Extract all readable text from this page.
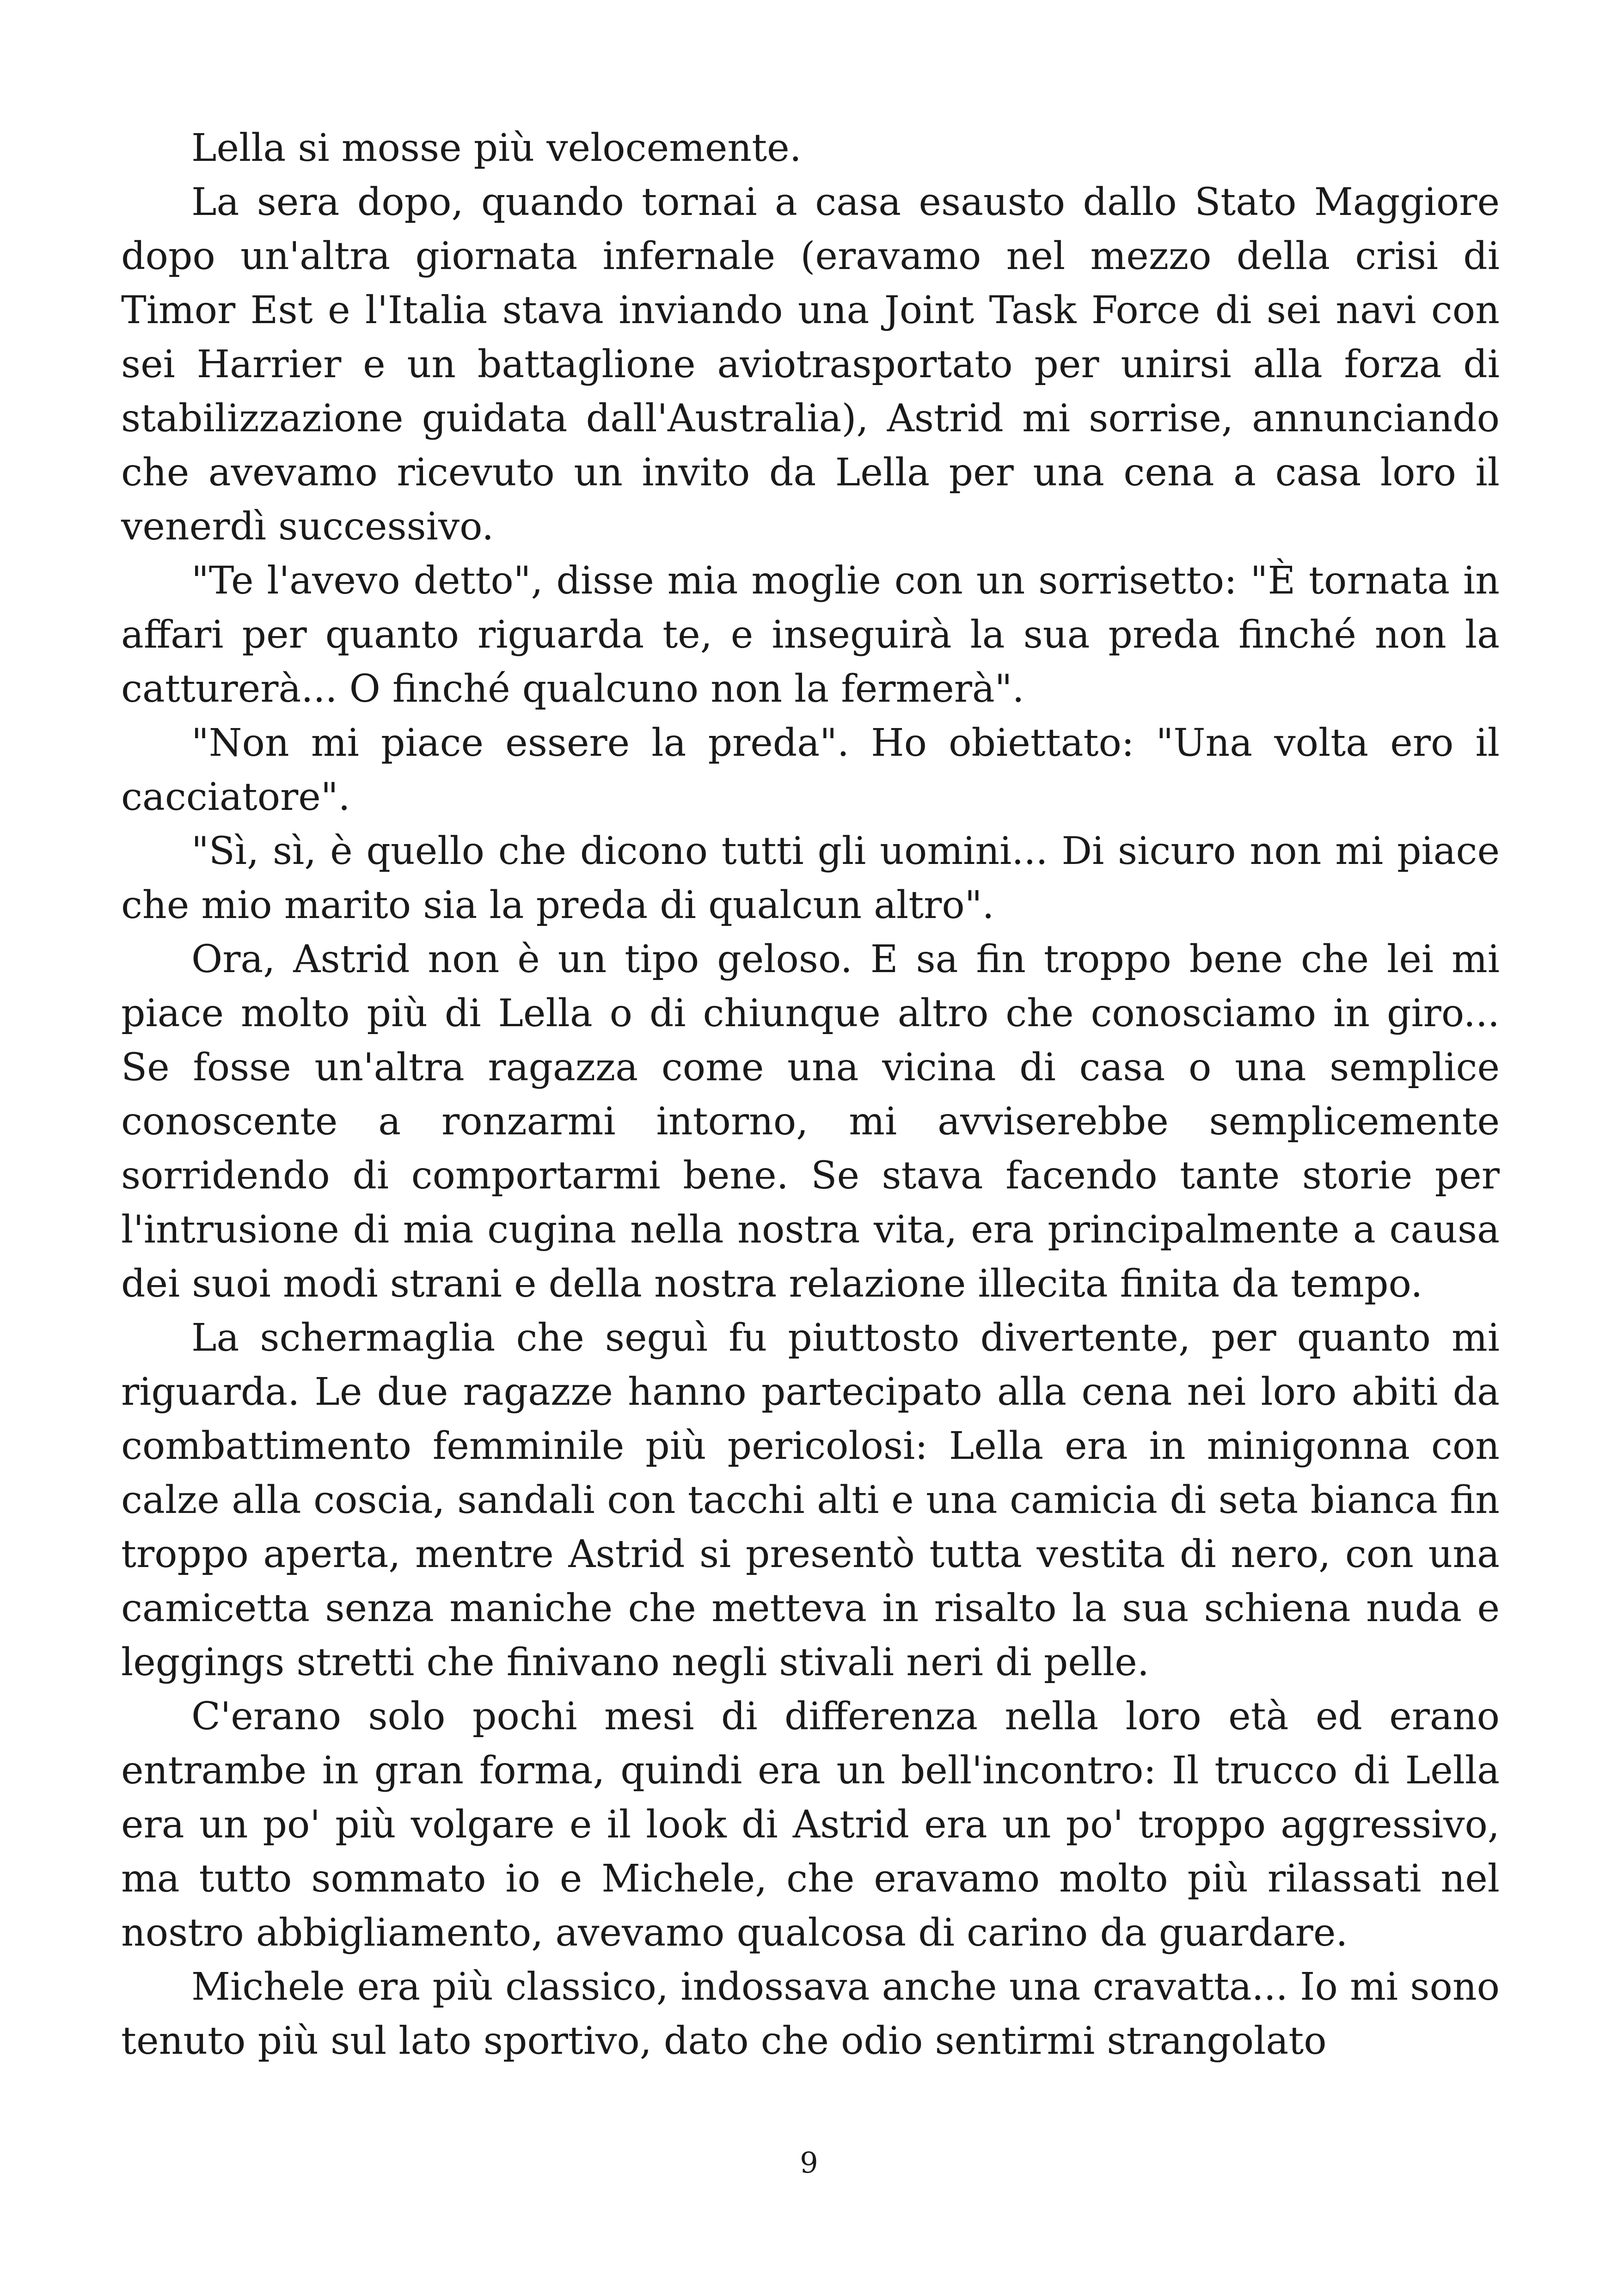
Lella si mosse più velocemente.

La sera dopo, quando tornai a casa esausto dallo Stato Maggiore dopo un'altra giornata infernale (eravamo nel mezzo della crisi di Timor Est e l'Italia stava inviando una Joint Task Force di sei navi con sei Harrier e un battaglione aviotrasportato per unirsi alla forza di stabilizzazione guidata dall'Australia), Astrid mi sorrise, annunciando che avevamo ricevuto un invito da Lella per una cena a casa loro il venerdì successivo.

"Te l'avevo detto", disse mia moglie con un sorrisetto: "È tornata in affari per quanto riguarda te, e inseguirà la sua preda finché non la catturerà... O finché qualcuno non la fermerà".

"Non mi piace essere la preda". Ho obiettato: "Una volta ero il cacciatore".

"Sì, sì, è quello che dicono tutti gli uomini... Di sicuro non mi piace che mio marito sia la preda di qualcun altro".

Ora, Astrid non è un tipo geloso. E sa fin troppo bene che lei mi piace molto più di Lella o di chiunque altro che conosciamo in giro... Se fosse un'altra ragazza come una vicina di casa o una semplice conoscente a ronzarmi intorno, mi avviserebbe semplicemente sorridendo di comportarmi bene. Se stava facendo tante storie per l'intrusione di mia cugina nella nostra vita, era principalmente a causa dei suoi modi strani e della nostra relazione illecita finita da tempo.

La schermaglia che seguì fu piuttosto divertente, per quanto mi riguarda. Le due ragazze hanno partecipato alla cena nei loro abiti da combattimento femminile più pericolosi: Lella era in minigonna con calze alla coscia, sandali con tacchi alti e una camicia di seta bianca fin troppo aperta, mentre Astrid si presentò tutta vestita di nero, con una camicetta senza maniche che metteva in risalto la sua schiena nuda e leggings stretti che finivano negli stivali neri di pelle.

C'erano solo pochi mesi di differenza nella loro età ed erano entrambe in gran forma, quindi era un bell'incontro: Il trucco di Lella era un po' più volgare e il look di Astrid era un po' troppo aggressivo, ma tutto sommato io e Michele, che eravamo molto più rilassati nel nostro abbigliamento, avevamo qualcosa di carino da guardare.

Michele era più classico, indossava anche una cravatta... Io mi sono tenuto più sul lato sportivo, dato che odio sentirmi strangolato

9
